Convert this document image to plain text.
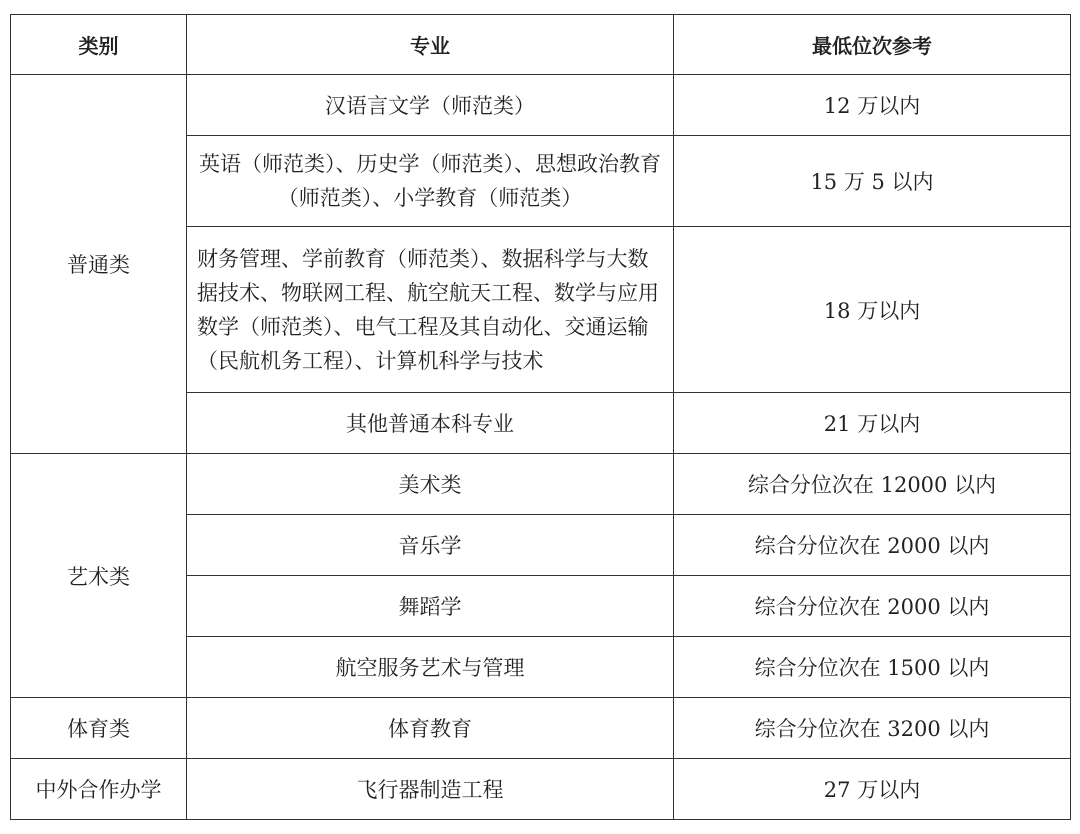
类别	专业	最低位次参考
普通类	汉语言文学（师范类）	12 万以内
	英语（师范类）、历史学（师范类）、思想政治教育（师范类）、小学教育（师范类）	15 万 5 以内
	财务管理、学前教育（师范类）、数据科学与大数据技术、物联网工程、航空航天工程、数学与应用数学（师范类）、电气工程及其自动化、交通运输（民航机务工程）、计算机科学与技术	18 万以内
	其他普通本科专业	21 万以内
艺术类	美术类	综合分位次在 12000 以内
	音乐学	综合分位次在 2000 以内
	舞蹈学	综合分位次在 2000 以内
	航空服务艺术与管理	综合分位次在 1500 以内
体育类	体育教育	综合分位次在 3200 以内
中外合作办学	飞行器制造工程	27 万以内
